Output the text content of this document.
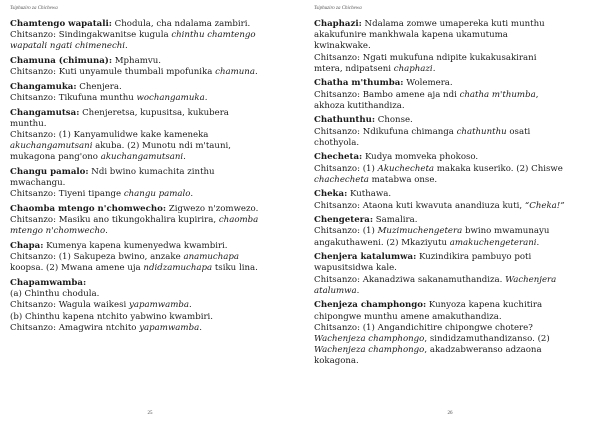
Tsiphuziro za Chichewa

Chamtengo wapatali: Chodula, cha ndalama zambiri.

Chitsanzo: Sindingakwanitse kugula chinthu chamtengo

wapatali ngati chimenechi.

Chamuna (chimuna): Mphamvu.

Chitsanzo: Kuti unyamule thumbali mpofunika chamuna.

Changamuka: Chenjera.

Chitsanzo: Tikufuna munthu wochangamuka.

Changamutsa: Chenjeretsa, kupusitsa, kukubera

munthu.

Chitsanzo: (1) Kanyamulidwe kake kameneka

akuchangamutsani akuba. (2) Munotu ndi m'tauni,

mukagona pang'ono akuchangamutsani.

Changu pamalo: Ndi bwino kumachita zinthu

mwachangu.

Chitsanzo: Tiyeni tipange changu pamalo.

Chaomba mtengo n'chomwecho: Zigwezo n'zomwezo.

Chitsanzo: Masiku ano tikungokhalira kupirira, chaomba

mtengo n'chomwecho.

Chapa: Kumenya kapena kumenyedwa kwambiri.

Chitsanzo: (1) Sakupeza bwino, anzake anamuchapa

koopsa. (2) Mwana amene uja ndidzamuchapa tsiku lina.

Chapamwamba:

(a) Chinthu chodula.

Chitsanzo: Wagula waikesi yapamwamba.

(b) Chinthu kapena ntchito yabwino kwambiri.

Chitsanzo: Amagwira ntchito yapamwamba.

25
Tsiphuziro za Chichewa

Chaphazi: Ndalama zomwe umapereka kuti munthu

akakufunire mankhwala kapena ukamutuma

kwinakwake.

Chitsanzo: Ngati mukufuna ndipite kukakusakirani

mtera, ndipatseni chaphazi.

Chatha m'thumba: Wolemera.

Chitsanzo: Bambo amene aja ndi chatha m'thumba,

akhoza kutithandiza.

Chathunthu: Chonse.

Chitsanzo: Ndikufuna chimanga chathunthu osati

chothyola.

Checheta: Kudya momveka phokoso.

Chitsanzo: (1) Akuchecheta makaka kuseriko. (2) Chiswe

chachecheta matabwa onse.

Cheka: Kuthawa.

Chitsanzo: Ataona kuti kwavuta anandiuza kuti, “Cheka!”

Chengetera: Samalira.

Chitsanzo: (1) Muzimuchengetera bwino mwamunayu

angakuthaweni. (2) Mkaziyutu amakuchengeterani.

Chenjera katalumwa: Kuzindikira pambuyo poti

wapusitsidwa kale.

Chitsanzo: Akanadziwa sakanamuthandiza. Wachenjera

atalumwa.

Chenjeza champhongo: Kunyoza kapena kuchitira

chipongwe munthu amene amakuthandiza.

Chitsanzo: (1) Angandichitire chipongwe chotere?

Wachenjeza champhongo, sindidzamuthandizanso. (2)

Wachenjeza champhongo, akadzabweranso adzaona

kokagona.

26
